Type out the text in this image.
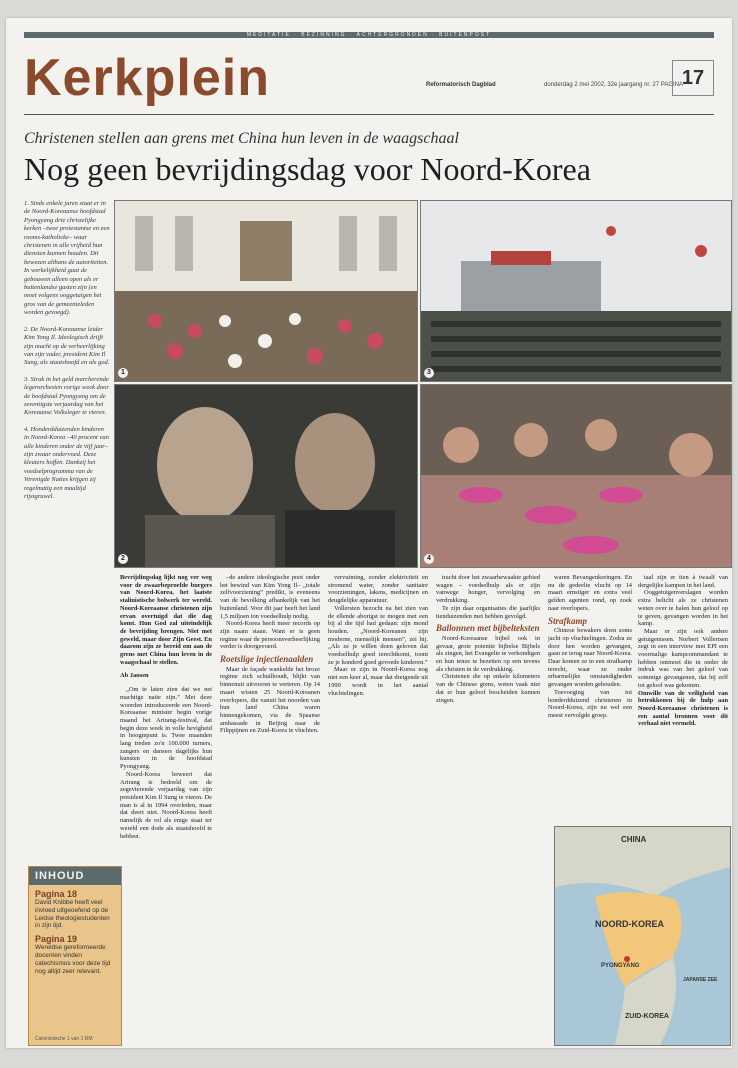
MEDITATIE · BEZINNING · ACHTERGRONDEN · BUITENPOST
Kerkplein	Reformatorisch Dagblad	donderdag 2 mei 2002, 32e jaargang nr. 27 PAGINA
17
Christenen stellen aan grens met China hun leven in de waagschaal
Nog geen bevrijdingsdag voor Noord-Korea

1. Sinds enkele jaren staat er in de Noord-Koreaanse hoofdstad Pyongyang drie christelijke kerken –twee protestantse en een rooms-katholieke– waar christenen in alle vrijheid hun diensten kunnen houden. Dit bewezen althans de autoriteiten. In werkelijkheid gaat de gebouwen alleen open als er buitenlandse gasten zijn (en moet volgens ooggetuigen het gros van de gemeenteleden worden gevoegd).

2. De Noord-Koreaanse leider Kim Yong Il. Ideologisch drijft zijn macht op de verheerlijking van zijn vader, president Kim Il Sung, als staatshoofd en als god.

3. Strak in het geld marcherende legerorchesten vorige week door de hoofdstad Pyongyang om de zeventigste verjaardag van het Koreaanse Volksleger te vieren.

4. Honderdduizenden kinderen in Noord-Korea –40 procent van alle kinderen onder de vijf jaar– zijn zwaar ondervoed. Deze kleuters hoffen. Dankzij het voedselprogramma van de Verenigde Naties krijgen zij regelmatig een maaltijd rijstgruwel.

1	3
2	4

Bevrijdingsdag lijkt nog ver weg voor de zwaarbeproefde burgers van Noord-Korea, het laatste stalinistische bolwerk ter wereld. Noord-Koreaanse christenen zijn ervan overtuigd dat die dag komt. Hun God zal uiteindelijk de bevrijding brengen. Niet met geweld, maar door Zijn Geest. En daarom zijn ze bereid om aan de grens met China hun leven in de waagschaal te stellen.

Ab Jansen

„Om te laten zien dat we net machtige natie zijn.” Met deze woorden introduceerde een Noord-Koreaanse minister begin vorige maand het Arirang-festival, dat begin deze week in volle hevigheid in hoogtepunt is. Twee maanden lang treden zo'n 100.000 turners, zangers en dansers dagelijks hun kunsten in de hoofdstad Pyongyang.

Noord-Korea beweert dat Arirang is bedoeld om de zegevierende verjaardag van zijn president Kim Il Sung te vieren. De man is al in 1994 overleden, maar dat deert niet. Noord-Korea heeft namelijk de rol als enige staat ter wereld een dode als staatshoofd te hebben.

–de andere ideologische poot onder het bewind van Kim Yong Il– „totale zelfvoorziening” predikt, is eveneens van de bevolking afhankelijk van het buitenland. Voor dit jaar heeft het land 1,5 miljoen ton voedselhulp nodig.

Noord-Korea heeft meer records op zijn naam staan. Want er is geen regime waar de persoonsverheerlijking verder is doorgevoerd.

Roetslige injectienaalden

Maar de façade wankelde het broze regime zich schuilhoudt, blijkt van binnenuit uitvoeren te verteren. Op 14 maart wisten 25 Noord-Koreanen overlopers, die vanuit het noorden van hun land China waren binnengekomen, via de Spaanse ambassade in Beijing naar de Filippijnen en Zuid-Korea te vluchten.

vervuiming, zonder elektriciteit en stromend water, zonder sanitaire voorzieningen, lakens, medicijnen en deugdelijke apparatuur.

Vollersten bezocht na het zien van de ellende aborigst te mogen met een bij al die tijd had gedaan: zijn mond houden. „Noord-Koreanen zijn moderne, menselijk mensen”, zei hij. „Als ze je willen doen geloven dat voedselhulp goed terechtkomt, toont ze je honderd goed gevoede kinderen.”

Maar er zijn in Noord-Korea nog niet een keer al, maar dat dreigende uit 1999 wordt in het aantal vluchtelingen.

tracht door het zwaarbewaakte gebied wagen – voedselhulp als er zijn vanwege honger, vervolging en verdrukking.

Te zijn daar organisaties die jaarlijks tienduizenden met hebben gevolgd.

Ballonnen met bijbelteksten

Noord-Koreaanse bijbel ook in gevaar, grote potentie bijbelse Bijbels als zingen, het Evangelie te verkondigen en hun tenze te bezetten op een tevens als christen in de verdrukking.

Christenen die op enkele kilometers van de Chinese grens, weten vaak niet dat er hun geloof bescheiden kunnen zingen.

waren Bevangenkeringen. En nu de gedeelte vlucht op 14 maart ernstiger en extra veel gelden agenten rond, op zoek naar overlopers.

Strafkamp

Chinese bewakers doen soms jacht op vluchtelingen. Zodra ze door hen worden gevangen, gaan ze terug naar Noord-Korea. Daar komen ze in een strafkamp terecht, waar ze onder erbarmelijke omstandigheden gevangen worden gehouden.

Toevoeging van tot honderdduizend christenen in Noord-Korea, zijn nu wel een meest vervolgde groep.

taal zijn er tien à twaalf van dergelijke kampen in het land.

Ooggetuigenverslagen worden extra belicht als ze christenen weten over te halen hun geloof op te geven, gevangen worden in het kamp.

Maar er zijn ook andere getuigenissen. Norbert Vollertsen zegt in een interview met EPI een voormalige kampcommandant te hebben ontmoet die in onder de indruk was van het geloof van sommige gevangenen, dat hij zelf tot geloof was gekomen.

Omwille van de veiligheid van betrokkenen bij de hulp aan Noord-Koreaanse christenen is een aantal bronnen voor dit verhaal niet vermeld.

INHOUD
Pagina 18
David Knibbe heeft veel invloed uitgeoefend op de Leidse theologiestudenten in zijn tijd.
Pagina 19
Wereldse gereformeerde docenten vinden catechismus voor deze tijd nog altijd zeer relevant.
Calvinistische 1 van 1 RM
CHINA
NOORD-KOREA
PYONGYANG
ZUID-KOREA
JAPANSE ZEE
